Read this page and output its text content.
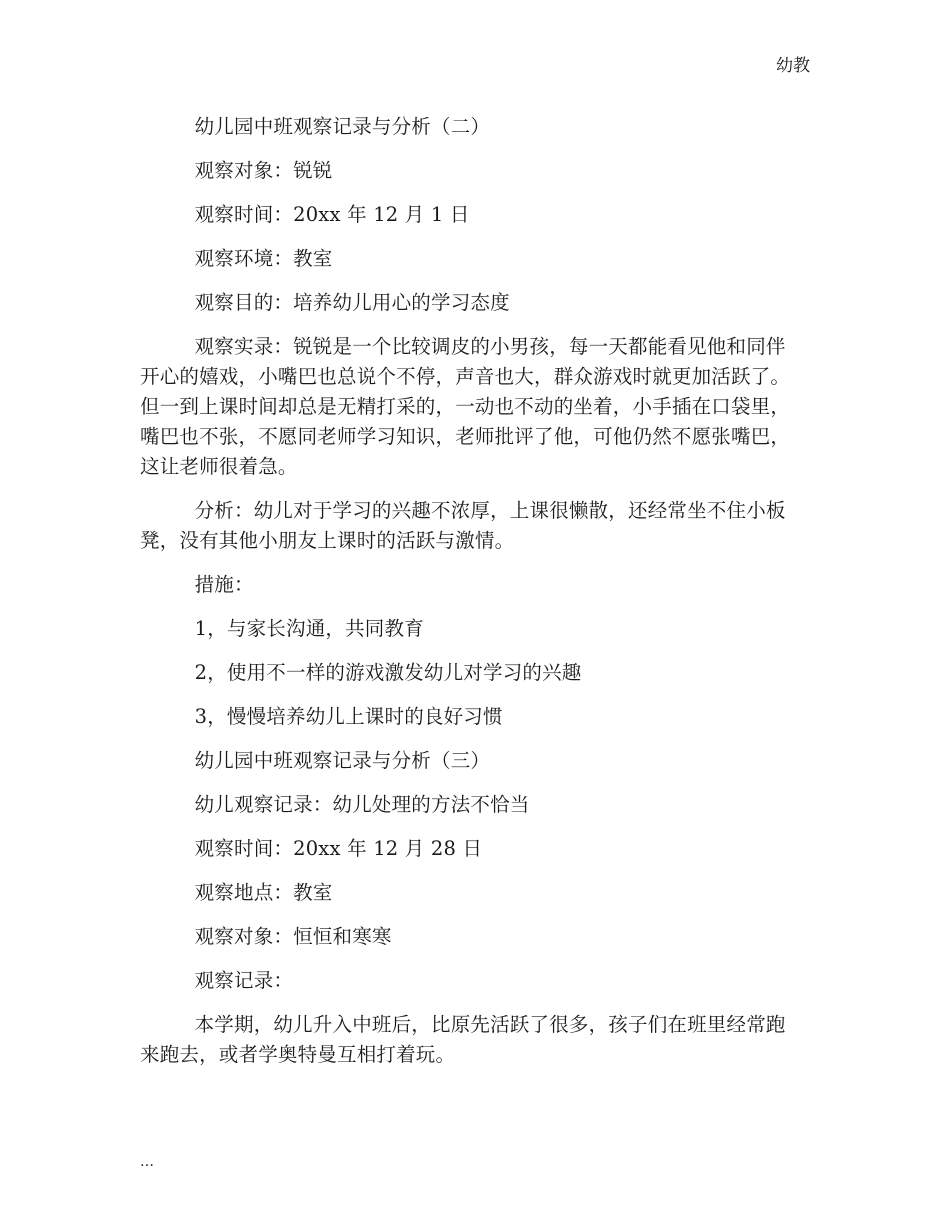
幼教

幼儿园中班观察记录与分析（二）

观察对象：锐锐

观察时间：20xx 年 12 月 1 日

观察环境：教室

观察目的：培养幼儿用心的学习态度

观察实录：锐锐是一个比较调皮的小男孩，每一天都能看见他和同伴开心的嬉戏，小嘴巴也总说个不停，声音也大，群众游戏时就更加活跃了。 但一到上课时间却总是无精打采的，一动也不动的坐着，小手插在口袋里，嘴巴也不张，不愿同老师学习知识，老师批评了他，可他仍然不愿张嘴巴，这让老师很着急。

分析：幼儿对于学习的兴趣不浓厚，上课很懒散，还经常坐不住小板凳，没有其他小朋友上课时的活跃与激情。

措施：

1，与家长沟通，共同教育

2，使用不一样的游戏激发幼儿对学习的兴趣

3，慢慢培养幼儿上课时的良好习惯

幼儿园中班观察记录与分析（三）

幼儿观察记录：幼儿处理的方法不恰当

观察时间：20xx 年 12 月 28 日

观察地点：教室

观察对象：恒恒和寒寒

观察记录：

本学期，幼儿升入中班后，比原先活跃了很多，孩子们在班里经常跑来跑去，或者学奥特曼互相打着玩。

…
